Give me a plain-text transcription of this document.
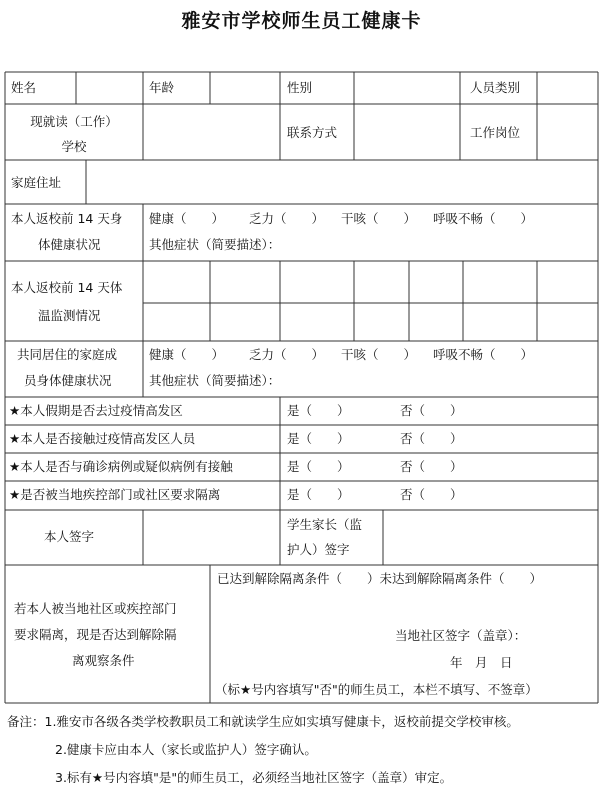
雅安市学校师生员工健康卡
姓名	年龄	性别	人员类别
现就读（工作）
学校
联系方式	工作岗位
家庭住址
本人返校前 14 天身
体健康状况
健康（　　） 乏力（　　） 干咳（　　） 呼吸不畅（　　）
其他症状（简要描述）：
本人返校前 14 天体
温监测情况
共同居住的家庭成
员身体健康状况
健康（　　） 乏力（　　） 干咳（　　） 呼吸不畅（　　）
其他症状（简要描述）：
★本人假期是否去过疫情高发区	是（　　）	否（　　）
★本人是否接触过疫情高发区人员	是（　　）	否（　　）
★本人是否与确诊病例或疑似病例有接触	是（　　）	否（　　）
★是否被当地疾控部门或社区要求隔离	是（　　）	否（　　）
本人签字
学生家长（监
护人）签字
若本人被当地社区或疾控部门
要求隔离，现是否达到解除隔
离观察条件
已达到解除隔离条件（　　）未达到解除隔离条件（　　）
当地社区签字（盖章）：
年　月　日
（标★号内容填写"否"的师生员工，本栏不填写、不签章）
备注：1.雅安市各级各类学校教职员工和就读学生应如实填写健康卡，返校前提交学校审核。
2.健康卡应由本人（家长或监护人）签字确认。
3.标有★号内容填"是"的师生员工，必须经当地社区签字（盖章）审定。
